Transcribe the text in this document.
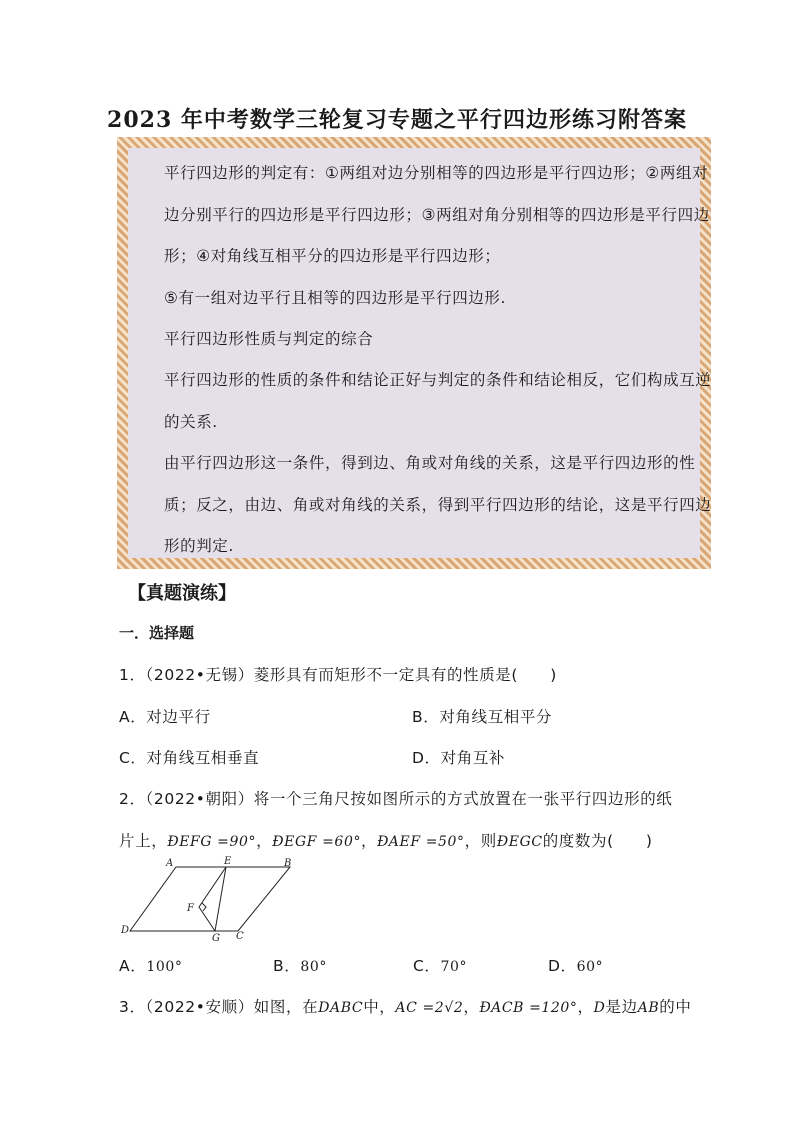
2023 年中考数学三轮复习专题之平行四边形练习附答案
平行四边形的判定有：①两组对边分别相等的四边形是平行四边形；②两组对
边分别平行的四边形是平行四边形；③两组对角分别相等的四边形是平行四边
形；④对角线互相平分的四边形是平行四边形；
⑤有一组对边平行且相等的四边形是平行四边形.
平行四边形性质与判定的综合
平行四边形的性质的条件和结论正好与判定的条件和结论相反，它们构成互逆
的关系.
由平行四边形这一条件，得到边、角或对角线的关系，这是平行四边形的性
质；反之，由边、角或对角线的关系，得到平行四边形的结论，这是平行四边
形的判定.
【真题演练】
一．选择题
1．（2022•无锡）菱形具有而矩形不一定具有的性质是(　　)
A．对边平行	B．对角线互相平分
C．对角线互相垂直	D．对角互补
2．（2022•朝阳）将一个三角尺按如图所示的方式放置在一张平行四边形的纸
片上，ÐEFG =90°，ÐEGF =60°，ÐAEF =50°，则ÐEGC的度数为(　　)
A	E	B
F
D
G C
A．100°	B．80°	C．70°	D．60°
3．（2022•安顺）如图，在DABC中，AC =2√2，ÐACB =120°，D是边AB的中
